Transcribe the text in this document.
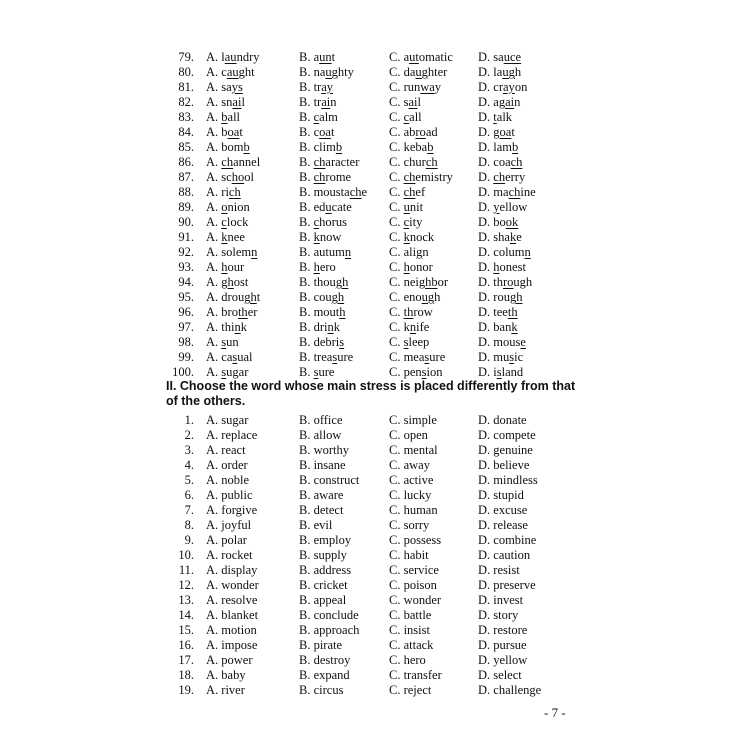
79. A. laundry	B. aunt	C. automatic D. sauce
80. A. caught	B. naughty	C. daughter D. laugh
81. A. says	B. tray	C. runway	D. crayon
82. A. snail	B. train	C. sail	D. again
83. A. ball	B. calm	C. call	D. talk
84. A. boat	B. coat	C. abroad	D. goat
85. A. bomb	B. climb	C. kebab	D. lamb
86. A. channel	B. character C. church	D. coach
87. A. school	B. chrome	C. chemistry D. cherry
88. A. rich	B. moustache C. chef	D. machine
89. A. onion	B. educate	C. unit	D. yellow
90. A. clock	B. chorus	C. city	D. book
91. A. knee	B. know	C. knock	D. shake
92. A. solemn	B. autumn	C. align	D. column
93. A. hour	B. hero	C. honor	D. honest
94. A. ghost	B. though	C. neighbor D. through
95. A. drought	B. cough	C. enough	D. rough
96. A. brother	B. mouth	C. throw	D. teeth
97. A. think	B. drink	C. knife	D. bank
98. A. sun	B. debris	C. sleep	D. mouse
99. A. casual	B. treasure	C. measure	D. music
100. A. sugar	B. sure	C. pension	D. island
II. Choose the word whose main stress is placed differently from that of the others.
1. A. sugar	B. office	C. simple	D. donate
2. A. replace	B. allow	C. open	D. compete
3. A. react	B. worthy	C. mental	D. genuine
4. A. order	B. insane	C. away	D. believe
5. A. noble	B. construct C. active	D. mindless
6. A. public	B. aware	C. lucky	D. stupid
7. A. forgive	B. detect	C. human	D. excuse
8. A. joyful	B. evil	C. sorry	D. release
9. A. polar	B. employ	C. possess	D. combine
10. A. rocket	B. supply	C. habit	D. caution
11. A. display	B. address	C. service	D. resist
12. A. wonder	B. cricket	C. poison	D. preserve
13. A. resolve	B. appeal	C. wonder	D. invest
14. A. blanket	B. conclude C. battle	D. story
15. A. motion	B. approach C. insist	D. restore
16. A. impose	B. pirate	C. attack	D. pursue
17. A. power	B. destroy	C. hero	D. yellow
18. A. baby	B. expand	C. transfer	D. select
19. A. river	B. circus	C. reject	D. challenge
- 7 -
